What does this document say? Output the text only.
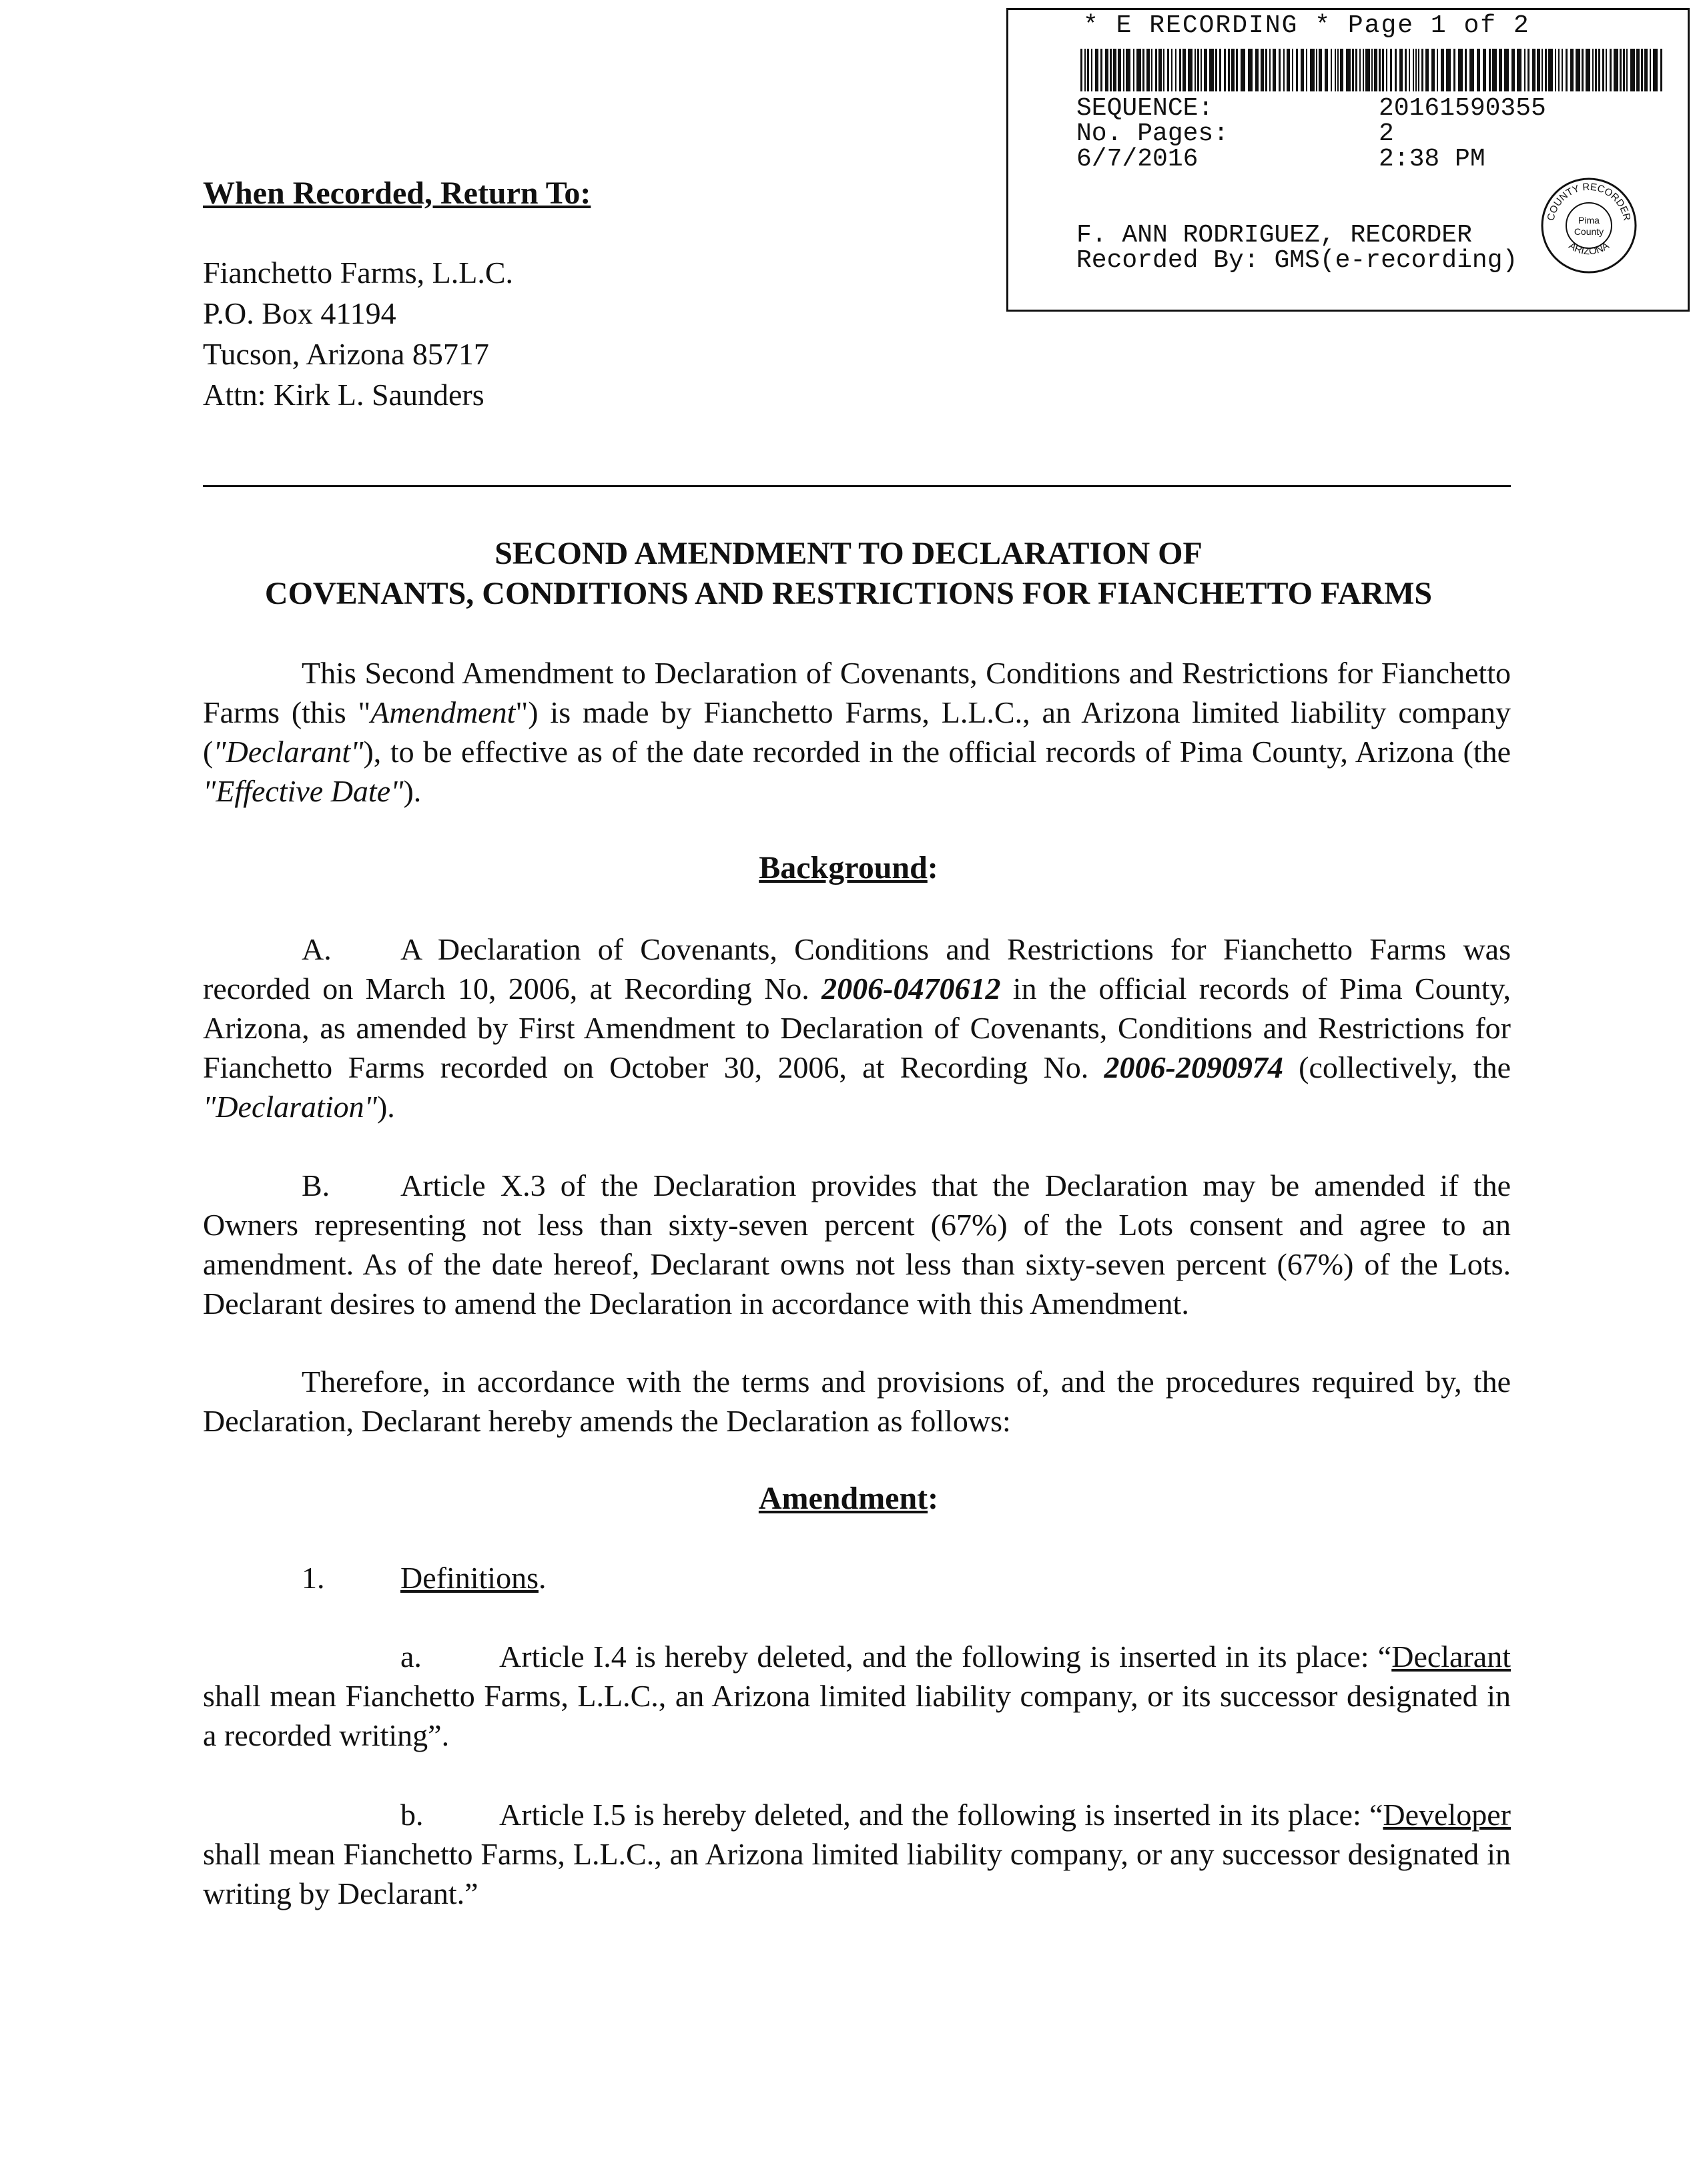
* E RECORDING * Page 1 of 2
SEQUENCE:	20161590355
No. Pages:	2
6/7/2016	2:38 PM
F. ANN RODRIGUEZ, RECORDER
Recorded By: GMS(e-recording)
COUNTY RECORDER
ARIZONA
Pima
County
When Recorded, Return To:
Fianchetto Farms, L.L.C.
P.O. Box 41194
Tucson, Arizona 85717
Attn: Kirk L. Saunders
SECOND AMENDMENT TO DECLARATION OF
COVENANTS, CONDITIONS AND RESTRICTIONS FOR FIANCHETTO FARMS
This Second Amendment to Declaration of Covenants, Conditions and Restrictions for Fianchetto Farms (this "Amendment") is made by Fianchetto Farms, L.L.C., an Arizona limited liability company ("Declarant"), to be effective as of the date recorded in the official records of Pima County, Arizona (the "Effective Date").
Background:
A. A Declaration of Covenants, Conditions and Restrictions for Fianchetto Farms was recorded on March 10, 2006, at Recording No. 2006-0470612 in the official records of Pima County, Arizona, as amended by First Amendment to Declaration of Covenants, Conditions and Restrictions for Fianchetto Farms recorded on October 30, 2006, at Recording No. 2006-2090974 (collectively, the "Declaration").
B. Article X.3 of the Declaration provides that the Declaration may be amended if the Owners representing not less than sixty-seven percent (67%) of the Lots consent and agree to an amendment. As of the date hereof, Declarant owns not less than sixty-seven percent (67%) of the Lots. Declarant desires to amend the Declaration in accordance with this Amendment.
Therefore, in accordance with the terms and provisions of, and the procedures required by, the Declaration, Declarant hereby amends the Declaration as follows:
Amendment:
1. Definitions.
a.	Article I.4 is hereby deleted, and the following is inserted in its place: “Declarant shall mean Fianchetto Farms, L.L.C., an Arizona limited liability company, or its successor designated in a recorded writing”.
b. Article I.5 is hereby deleted, and the following is inserted in its place: “Developer shall mean Fianchetto Farms, L.L.C., an Arizona limited liability company, or any successor designated in writing by Declarant.”
